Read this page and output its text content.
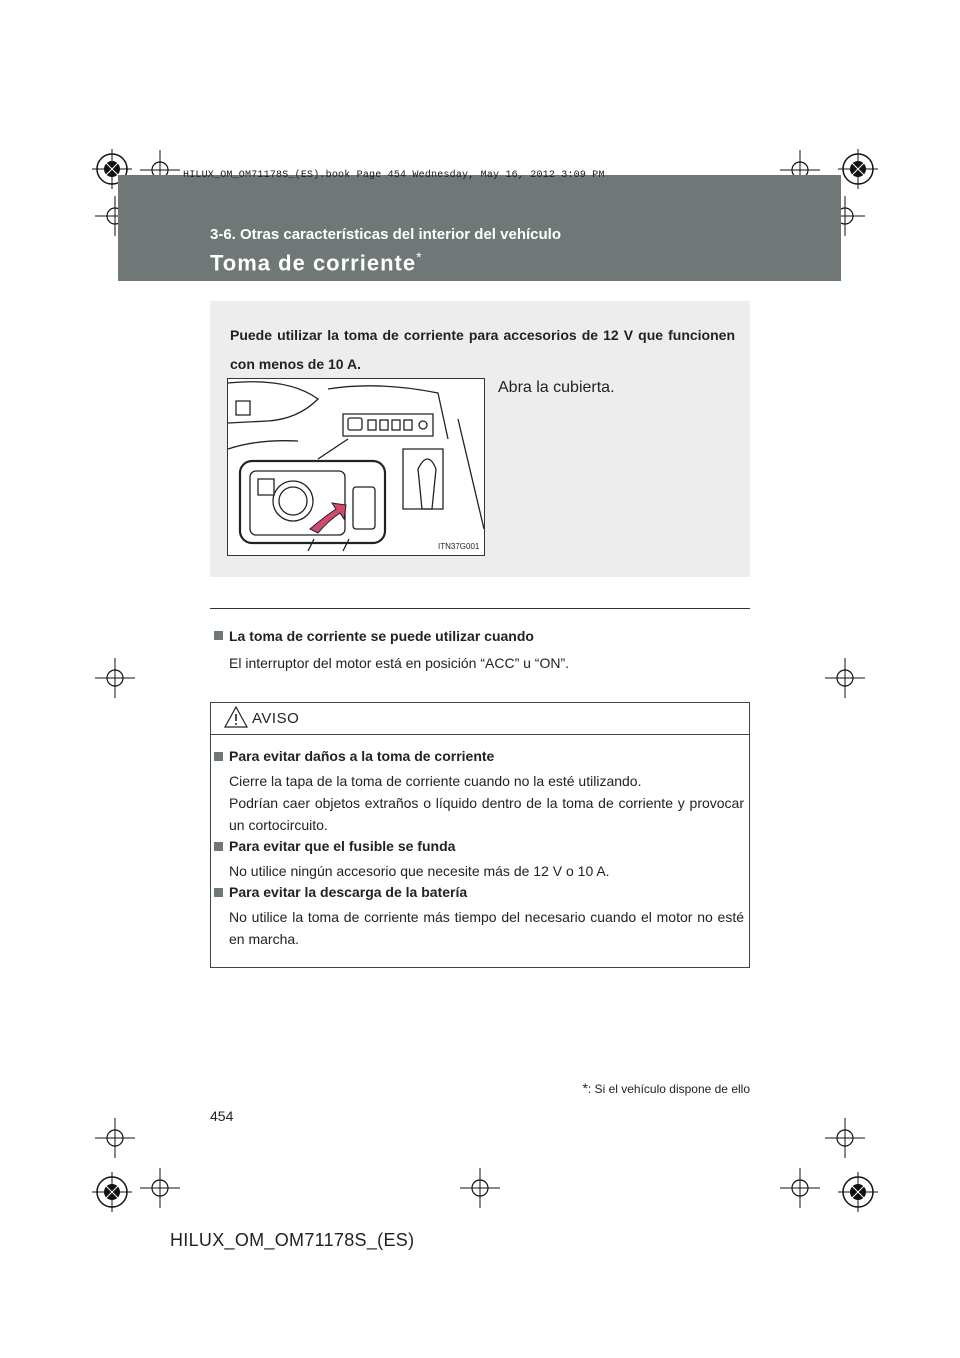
HILUX_OM_OM71178S_(ES).book Page 454 Wednesday, May 16, 2012 3:09 PM
3-6. Otras características del interior del vehículo
Toma de corriente*
Puede utilizar la toma de corriente para accesorios de 12 V que funcionen con menos de 10 A.
ITN37G001
Abra la cubierta.
La toma de corriente se puede utilizar cuando
El interruptor del motor está en posición “ACC” u “ON”.
AVISO
Para evitar daños a la toma de corriente
Cierre la tapa de la toma de corriente cuando no la esté utilizando.
Podrían caer objetos extraños o líquido dentro de la toma de corriente y provocar un cortocircuito.
Para evitar que el fusible se funda
No utilice ningún accesorio que necesite más de 12 V o 10 A.
Para evitar la descarga de la batería
No utilice la toma de corriente más tiempo del necesario cuando el motor no esté en marcha.
*: Si el vehículo dispone de ello
454
HILUX_OM_OM71178S_(ES)
